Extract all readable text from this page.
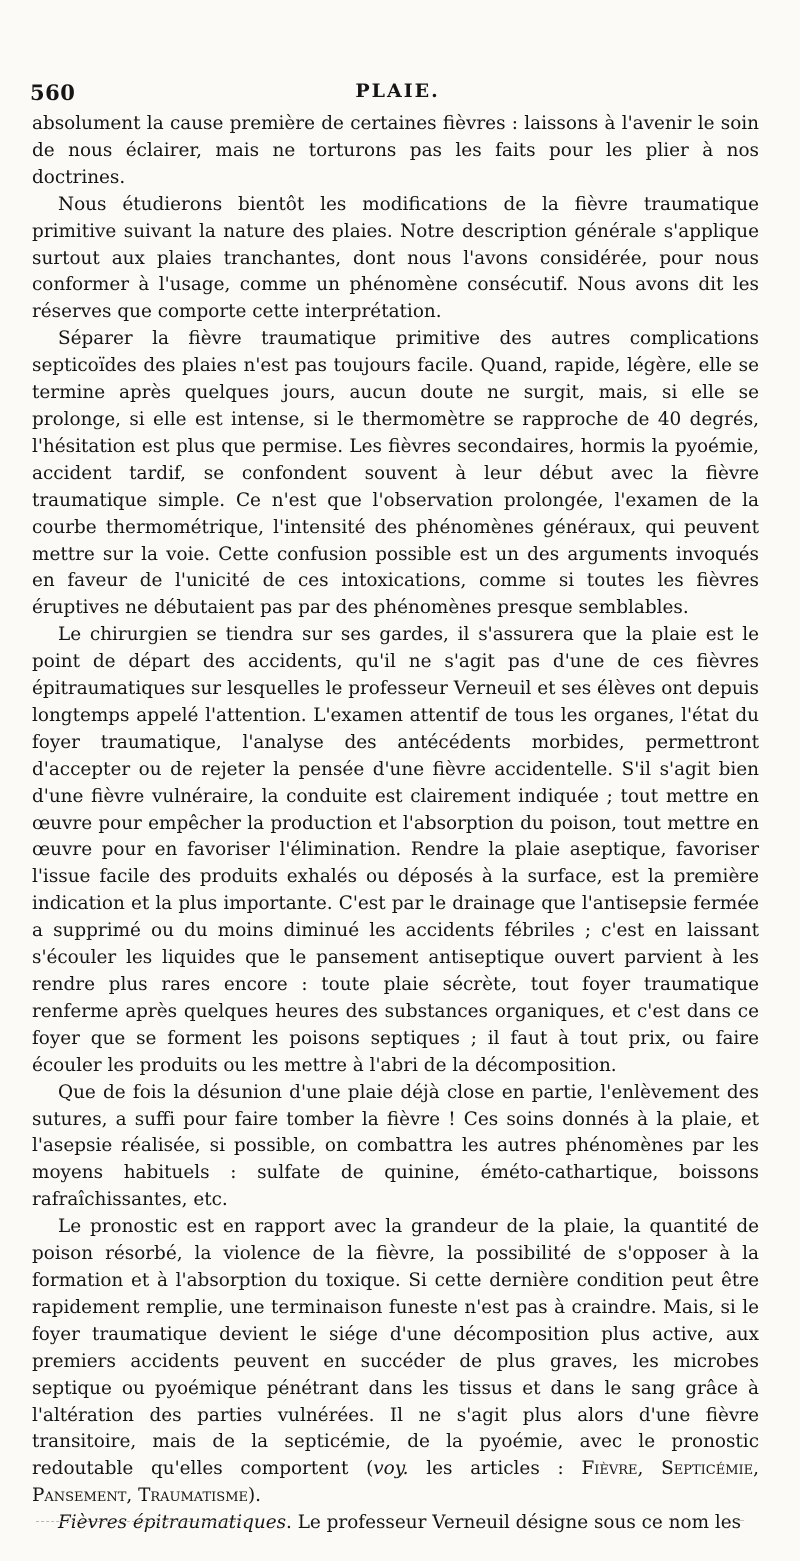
560	PLAIE.

absolument la cause première de certaines fièvres : laissons à l'avenir le soin de nous éclairer, mais ne torturons pas les faits pour les plier à nos doctrines.

Nous étudierons bientôt les modifications de la fièvre traumatique primitive suivant la nature des plaies. Notre description générale s'applique surtout aux plaies tranchantes, dont nous l'avons considérée, pour nous conformer à l'usage, comme un phénomène consécutif. Nous avons dit les réserves que comporte cette interprétation.

Séparer la fièvre traumatique primitive des autres complications septicoïdes des plaies n'est pas toujours facile. Quand, rapide, légère, elle se termine après quelques jours, aucun doute ne surgit, mais, si elle se prolonge, si elle est intense, si le thermomètre se rapproche de 40 degrés, l'hésitation est plus que permise. Les fièvres secondaires, hormis la pyoémie, accident tardif, se confondent souvent à leur début avec la fièvre traumatique simple. Ce n'est que l'observation prolongée, l'examen de la courbe thermométrique, l'intensité des phénomènes généraux, qui peuvent mettre sur la voie. Cette confusion possible est un des arguments invoqués en faveur de l'unicité de ces intoxications, comme si toutes les fièvres éruptives ne débutaient pas par des phénomènes presque semblables.

Le chirurgien se tiendra sur ses gardes, il s'assurera que la plaie est le point de départ des accidents, qu'il ne s'agit pas d'une de ces fièvres épitraumatiques sur lesquelles le professeur Verneuil et ses élèves ont depuis longtemps appelé l'attention. L'examen attentif de tous les organes, l'état du foyer traumatique, l'analyse des antécédents morbides, permettront d'accepter ou de rejeter la pensée d'une fièvre accidentelle. S'il s'agit bien d'une fièvre vulnéraire, la conduite est clairement indiquée ; tout mettre en œuvre pour empêcher la production et l'absorption du poison, tout mettre en œuvre pour en favoriser l'élimination. Rendre la plaie aseptique, favoriser l'issue facile des produits exhalés ou déposés à la surface, est la première indication et la plus importante. C'est par le drainage que l'antisepsie fermée a supprimé ou du moins diminué les accidents fébriles ; c'est en laissant s'écouler les liquides que le pansement antiseptique ouvert parvient à les rendre plus rares encore : toute plaie sécrète, tout foyer traumatique renferme après quelques heures des substances organiques, et c'est dans ce foyer que se forment les poisons septiques ; il faut à tout prix, ou faire écouler les produits ou les mettre à l'abri de la décomposition.

Que de fois la désunion d'une plaie déjà close en partie, l'enlèvement des sutures, a suffi pour faire tomber la fièvre ! Ces soins donnés à la plaie, et l'asepsie réalisée, si possible, on combattra les autres phénomènes par les moyens habituels : sulfate de quinine, éméto-cathartique, boissons rafraîchissantes, etc.

Le pronostic est en rapport avec la grandeur de la plaie, la quantité de poison résorbé, la violence de la fièvre, la possibilité de s'opposer à la formation et à l'absorption du toxique. Si cette dernière condition peut être rapidement remplie, une terminaison funeste n'est pas à craindre. Mais, si le foyer traumatique devient le siége d'une décomposition plus active, aux premiers accidents peuvent en succéder de plus graves, les microbes septique ou pyoémique pénétrant dans les tissus et dans le sang grâce à l'altération des parties vulnérées. Il ne s'agit plus alors d'une fièvre transitoire, mais de la septicémie, de la pyoémie, avec le pronostic redoutable qu'elles comportent (voy. les articles : Fièvre, Septicémie, Pansement, Traumatisme).

Fièvres épitraumatiques. Le professeur Verneuil désigne sous ce nom les
